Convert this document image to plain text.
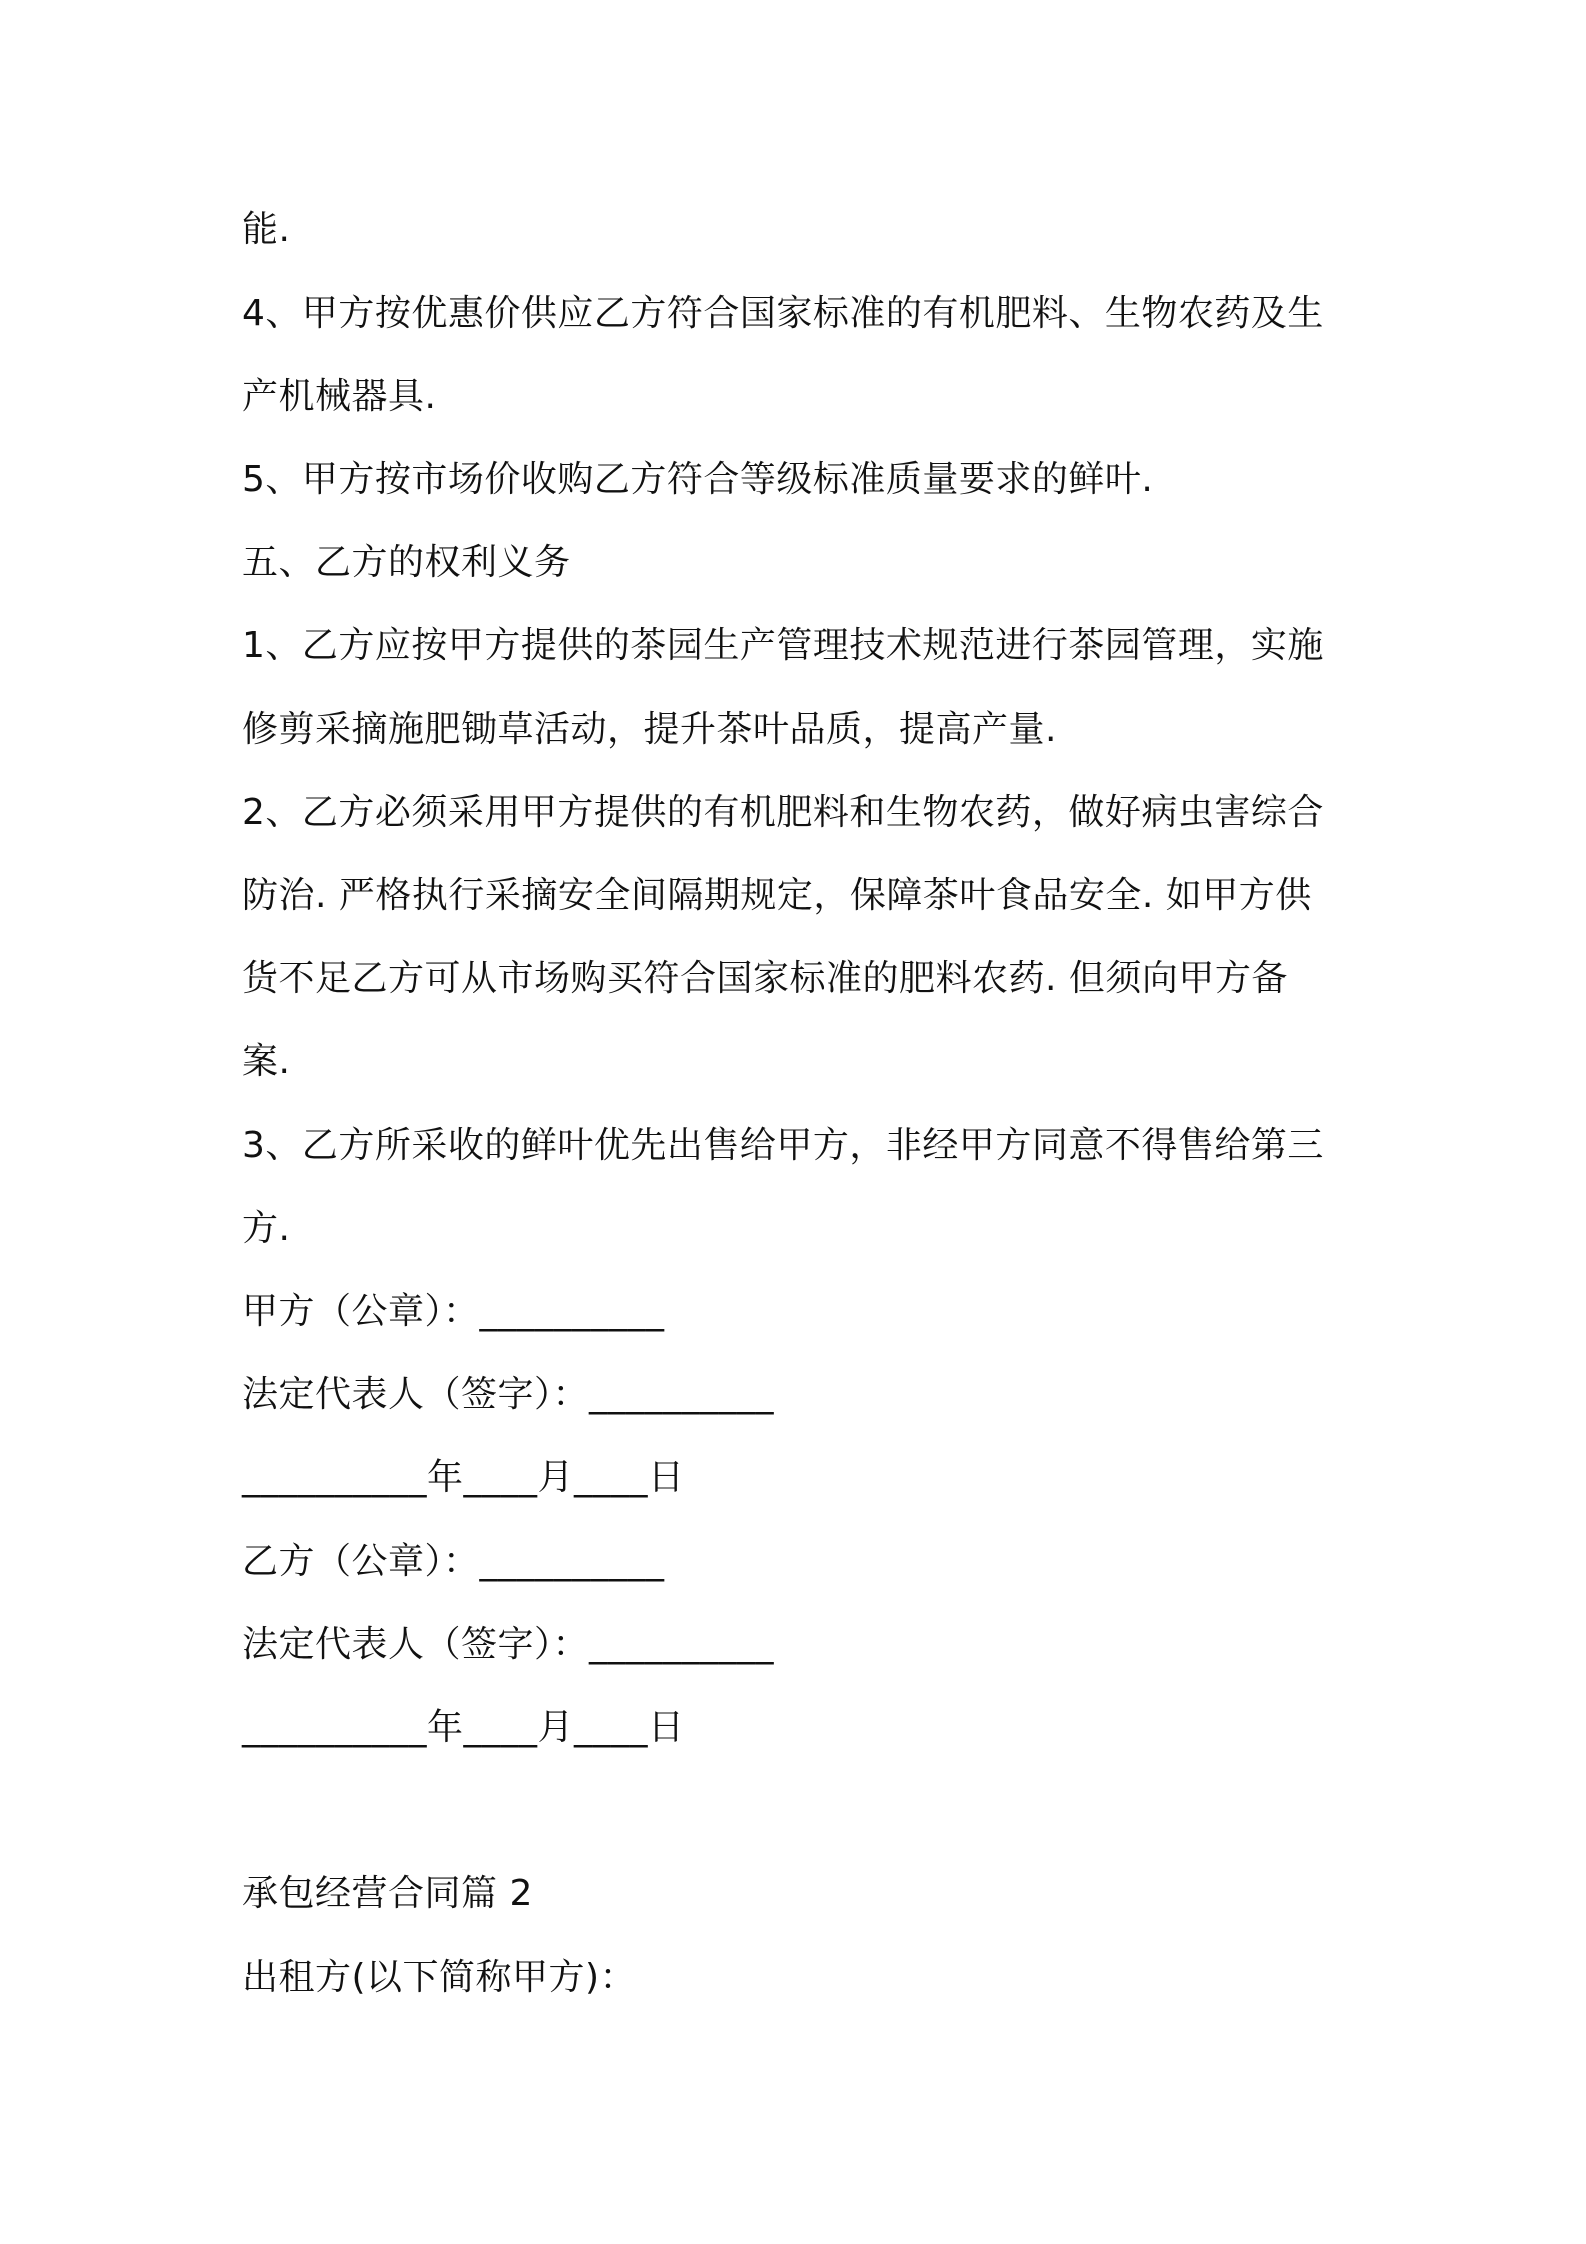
能.
4、甲方按优惠价供应乙方符合国家标准的有机肥料、生物农药及生
产机械器具.
5、甲方按市场价收购乙方符合等级标准质量要求的鲜叶.
五、乙方的权利义务
1、乙方应按甲方提供的茶园生产管理技术规范进行茶园管理，实施
修剪采摘施肥锄草活动，提升茶叶品质，提高产量.
2、乙方必须采用甲方提供的有机肥料和生物农药，做好病虫害综合
防治. 严格执行采摘安全间隔期规定，保障茶叶食品安全. 如甲方供
货不足乙方可从市场购买符合国家标准的肥料农药. 但须向甲方备
案.
3、乙方所采收的鲜叶优先出售给甲方，非经甲方同意不得售给第三
方.
甲方（公章）：__________
法定代表人（签字）：__________
__________年____月____日
乙方（公章）：__________
法定代表人（签字）：__________
__________年____月____日
承包经营合同篇 2
出租方(以下简称甲方)：
